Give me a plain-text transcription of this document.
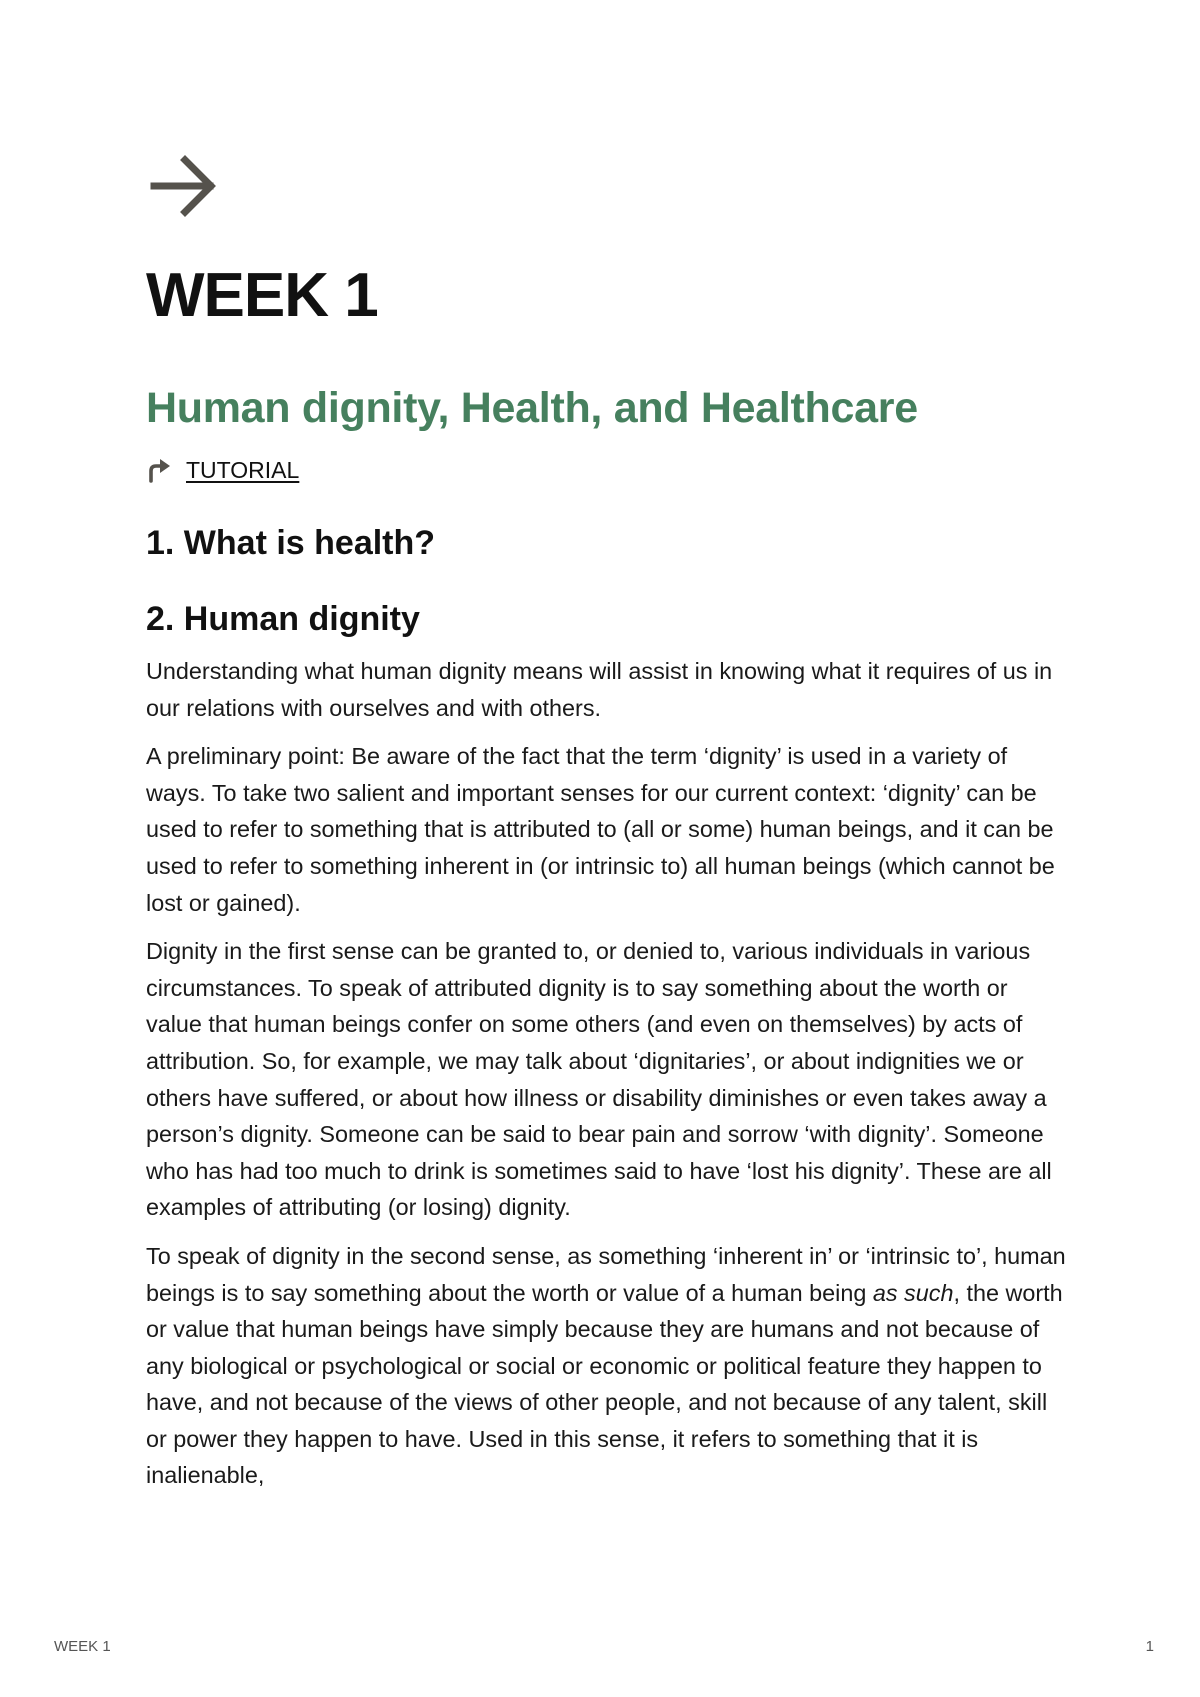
WEEK 1
Human dignity, Health, and Healthcare
TUTORIAL
1. What is health?
2. Human dignity

Understanding what human dignity means will assist in knowing what it requires of us in our relations with ourselves and with others.

A preliminary point: Be aware of the fact that the term ‘dignity’ is used in a variety of ways. To take two salient and important senses for our current context: ‘dignity’ can be used to refer to something that is attributed to (all or some) human beings, and it can be used to refer to something inherent in (or intrinsic to) all human beings (which cannot be lost or gained).

Dignity in the first sense can be granted to, or denied to, various individuals in various circumstances. To speak of attributed dignity is to say something about the worth or value that human beings confer on some others (and even on themselves) by acts of attribution. So, for example, we may talk about ‘dignitaries’, or about indignities we or others have suffered, or about how illness or disability diminishes or even takes away a person’s dignity. Someone can be said to bear pain and sorrow ‘with dignity’. Someone who has had too much to drink is sometimes said to have ‘lost his dignity’. These are all examples of attributing (or losing) dignity.

To speak of dignity in the second sense, as something ‘inherent in’ or ‘intrinsic to’, human beings is to say something about the worth or value of a human being as such, the worth or value that human beings have simply because they are humans and not because of any biological or psychological or social or economic or political feature they happen to have, and not because of the views of other people, and not because of any talent, skill or power they happen to have. Used in this sense, it refers to something that it is inalienable,

WEEK 1	1
